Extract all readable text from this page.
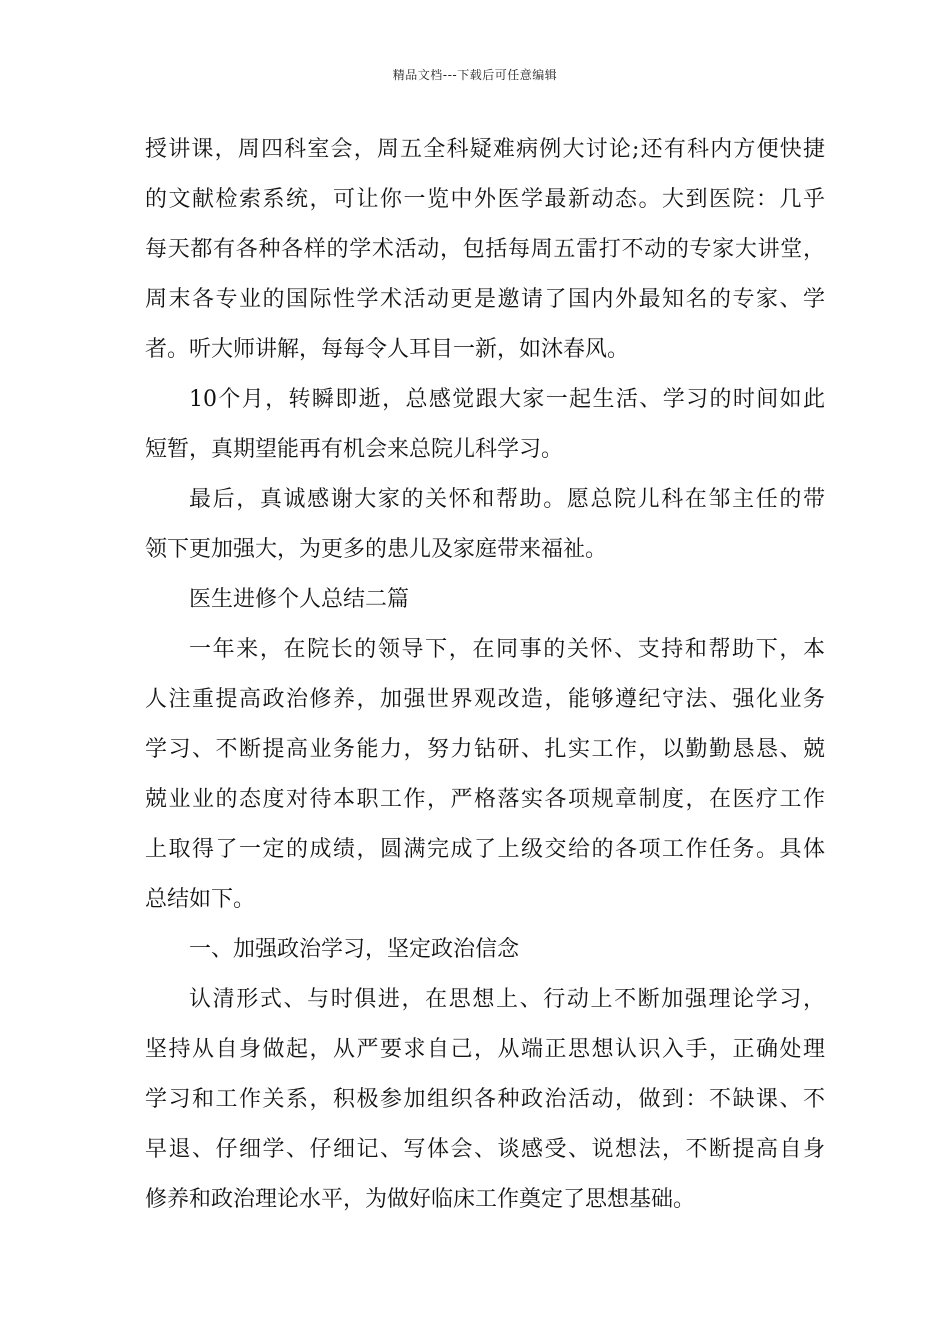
精品文档---下载后可任意编辑
授讲课，周四科室会，周五全科疑难病例大讨论;还有科内方便快捷
的文献检索系统，可让你一览中外医学最新动态。大到医院：几乎
每天都有各种各样的学术活动，包括每周五雷打不动的专家大讲堂，
周末各专业的国际性学术活动更是邀请了国内外最知名的专家、学
者。听大师讲解，每每令人耳目一新，如沐春风。
10个月，转瞬即逝，总感觉跟大家一起生活、学习的时间如此
短暂，真期望能再有机会来总院儿科学习。
最后，真诚感谢大家的关怀和帮助。愿总院儿科在邹主任的带
领下更加强大，为更多的患儿及家庭带来福祉。
医生进修个人总结二篇
一年来，在院长的领导下，在同事的关怀、支持和帮助下，本
人注重提高政治修养，加强世界观改造，能够遵纪守法、强化业务
学习、不断提高业务能力，努力钻研、扎实工作，以勤勤恳恳、兢
兢业业的态度对待本职工作，严格落实各项规章制度，在医疗工作
上取得了一定的成绩，圆满完成了上级交给的各项工作任务。具体
总结如下。
一、加强政治学习，坚定政治信念
认清形式、与时俱进，在思想上、行动上不断加强理论学习，
坚持从自身做起，从严要求自己，从端正思想认识入手，正确处理
学习和工作关系，积极参加组织各种政治活动，做到：不缺课、不
早退、仔细学、仔细记、写体会、谈感受、说想法，不断提高自身
修养和政治理论水平，为做好临床工作奠定了思想基础。
